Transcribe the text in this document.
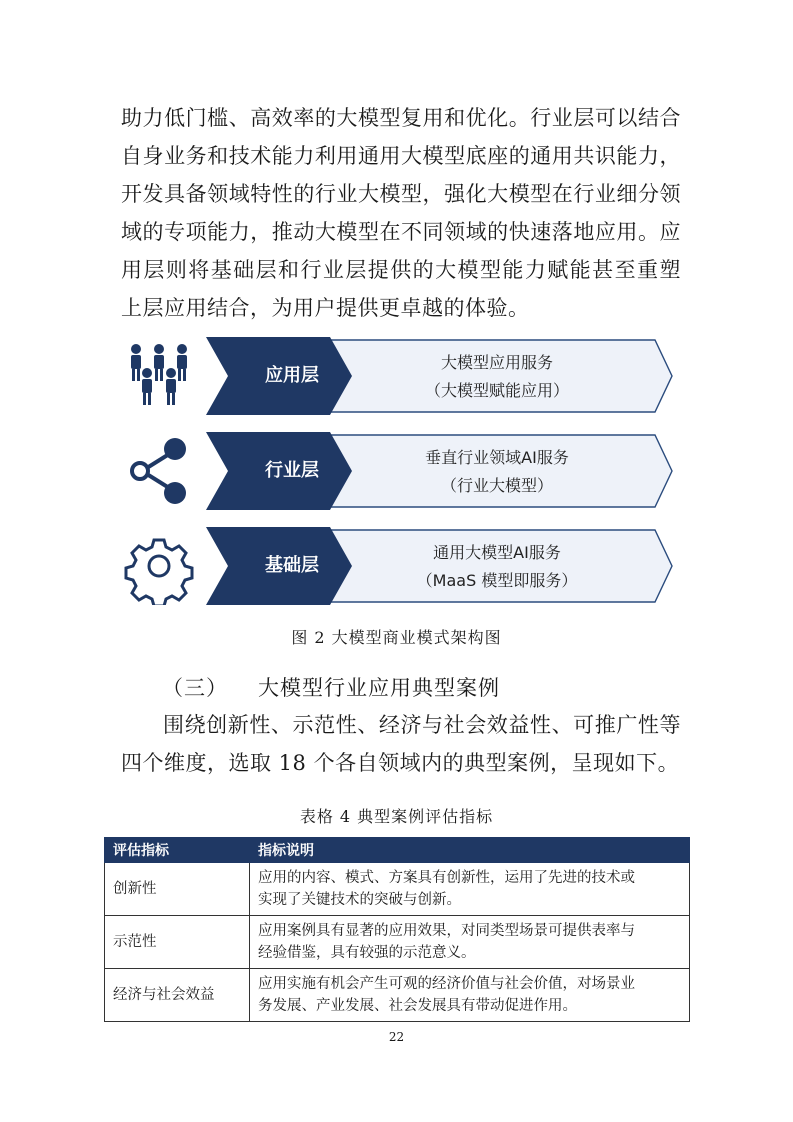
助力低门槛、高效率的大模型复用和优化。行业层可以结合
自身业务和技术能力利用通用大模型底座的通用共识能力，
开发具备领域特性的行业大模型，强化大模型在行业细分领
域的专项能力，推动大模型在不同领域的快速落地应用。应
用层则将基础层和行业层提供的大模型能力赋能甚至重塑
上层应用结合，为用户提供更卓越的体验。
应用层
大模型应用服务
（大模型赋能应用）
行业层
垂直行业领域AI服务
（行业大模型）
基础层
通用大模型AI服务
（MaaS 模型即服务）
图 2 大模型商业模式架构图
（三） 大模型行业应用典型案例
围绕创新性、示范性、经济与社会效益性、可推广性等
四个维度，选取 18 个各自领域内的典型案例，呈现如下。
表格 4 典型案例评估指标
评估指标	指标说明
创新性	应用的内容、模式、方案具有创新性，运用了先进的技术或
实现了关键技术的突破与创新。

示范性	应用案例具有显著的应用效果，对同类型场景可提供表率与
经验借鉴，具有较强的示范意义。

经济与社会效益	应用实施有机会产生可观的经济价值与社会价值，对场景业
务发展、产业发展、社会发展具有带动促进作用。
22
